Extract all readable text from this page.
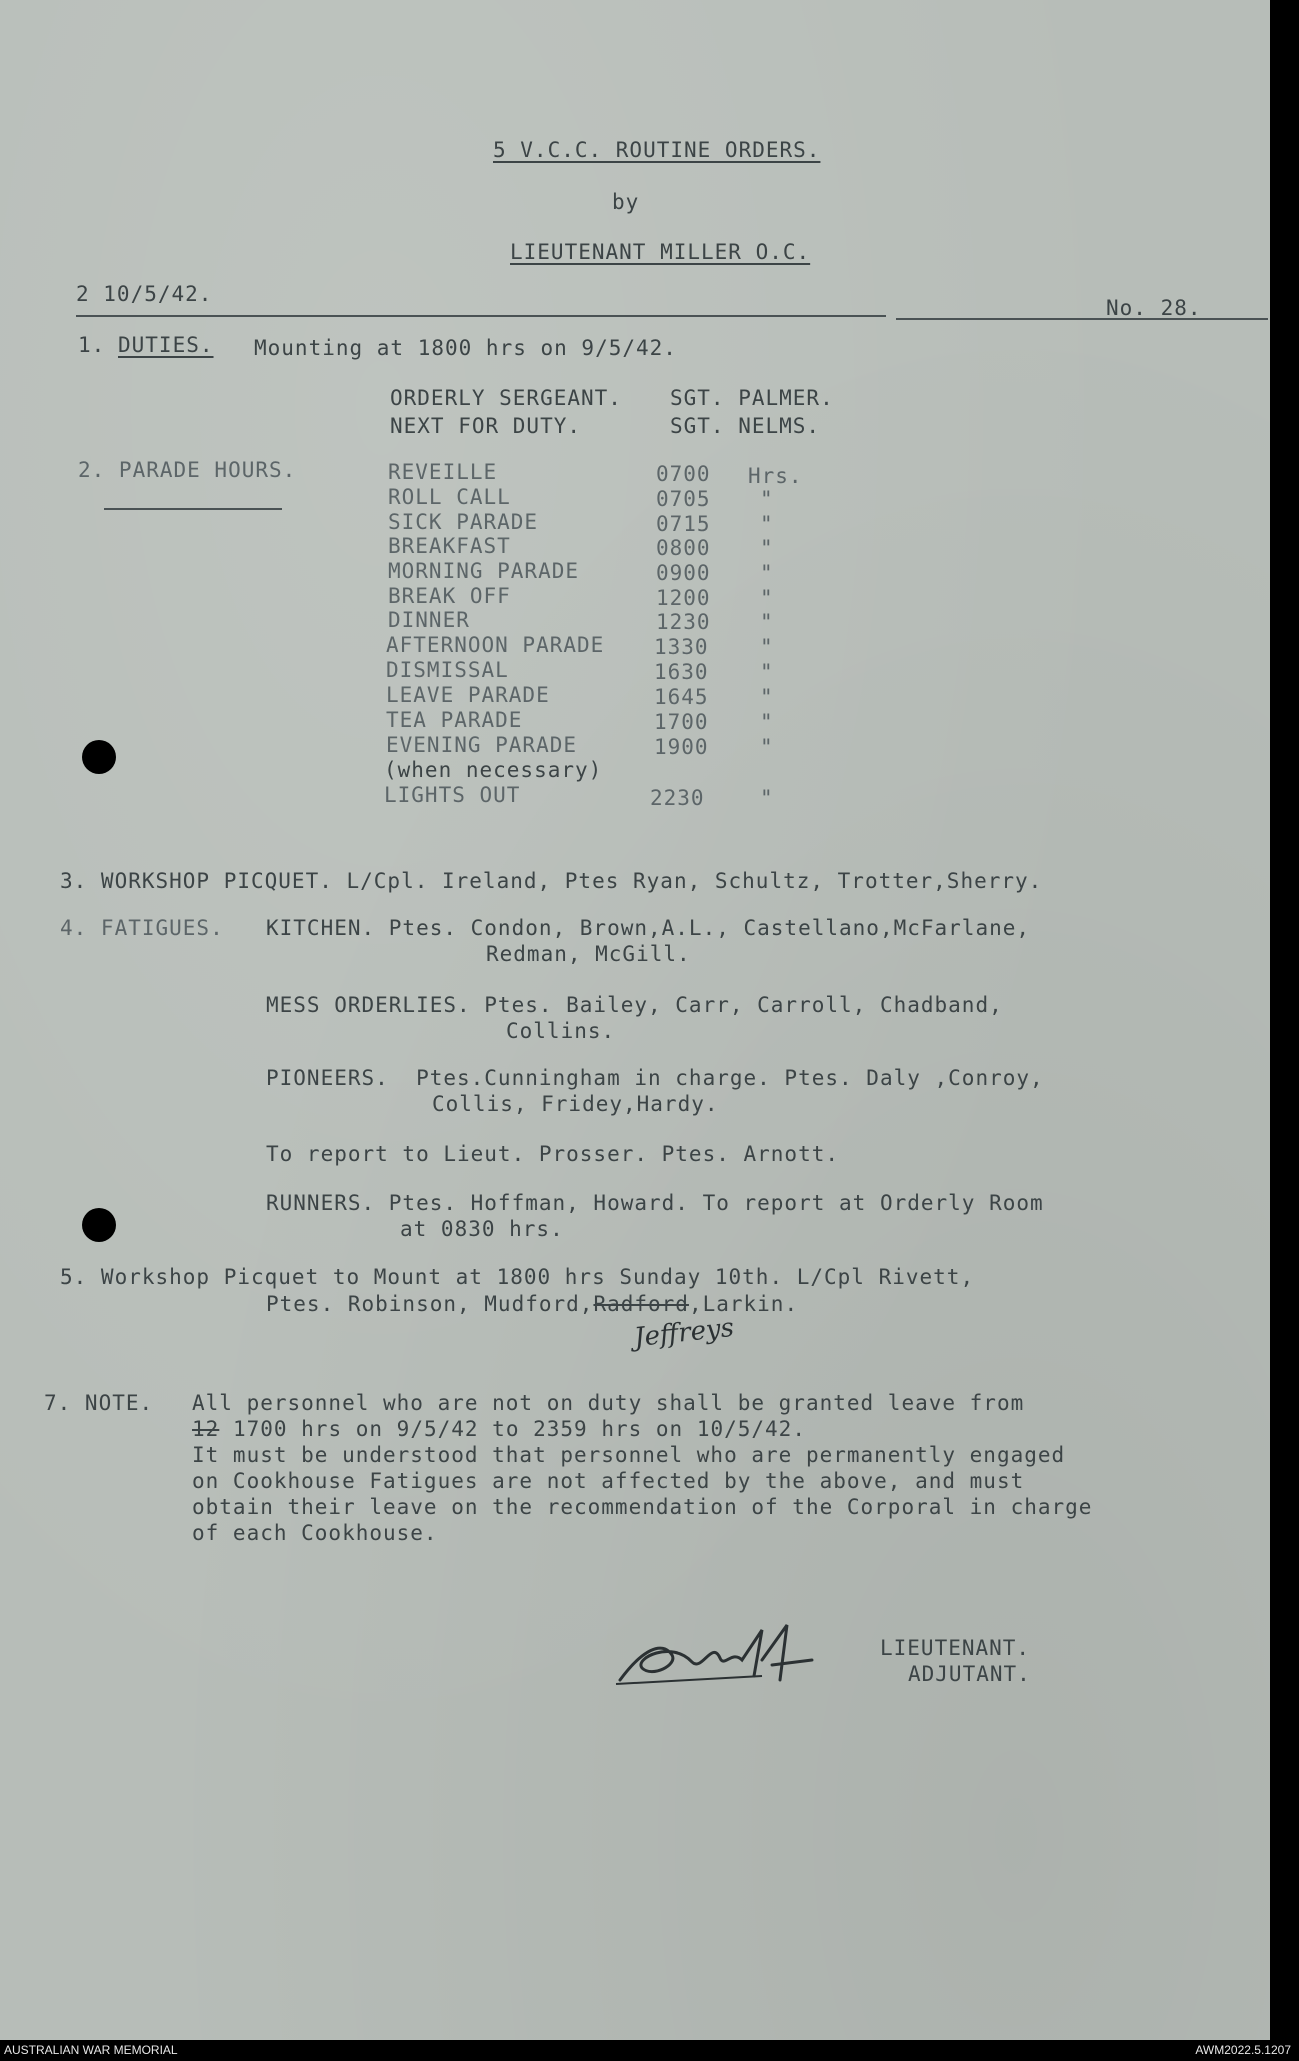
5 V.C.C. ROUTINE ORDERS.
by
LIEUTENANT MILLER O.C.
2 10/5/42.
No. 28.
1. DUTIES. Mounting at 1800 hrs on 9/5/42.
ORDERLY SERGEANT. SGT. PALMER.
NEXT FOR DUTY.	SGT. NELMS.
2. PARADE HOURS.	REVEILLE	0700 Hrs.
ROLL CALL	0705 "
SICK PARADE	0715 "
BREAKFAST	0800 "
MORNING PARADE	0900 "
BREAK OFF	1200 "
DINNER	1230 "
AFTERNOON PARADE 1330 "
DISMISSAL	1630 "
LEAVE PARADE	1645 "
TEA PARADE	1700 "
EVENING PARADE	1900 "
(when necessary)
LIGHTS OUT	2230	"
3. WORKSHOP PICQUET. L/Cpl. Ireland, Ptes Ryan, Schultz, Trotter,Sherry.
4. FATIGUES. KITCHEN. Ptes. Condon, Brown,A.L., Castellano,McFarlane,
Redman, McGill.
MESS ORDERLIES. Ptes. Bailey, Carr, Carroll, Chadband,
Collins.
PIONEERS.  Ptes.Cunningham in charge. Ptes. Daly ,Conroy,
Collis, Fridey,Hardy.
To report to Lieut. Prosser. Ptes. Arnott.
RUNNERS. Ptes. Hoffman, Howard. To report at Orderly Room
at 0830 hrs.
5. Workshop Picquet to Mount at 1800 hrs Sunday 10th. L/Cpl Rivett,
Ptes. Robinson, Mudford,Radford,Larkin.
Jeffreys
7. NOTE. All personnel who are not on duty shall be granted leave from
12 1700 hrs on 9/5/42 to 2359 hrs on 10/5/42.
It must be understood that personnel who are permanently engaged
on Cookhouse Fatigues are not affected by the above, and must
obtain their leave on the recommendation of the Corporal in charge
of each Cookhouse.
LIEUTENANT.
ADJUTANT.
AUSTRALIAN WAR MEMORIAL	AWM2022.5.1207
